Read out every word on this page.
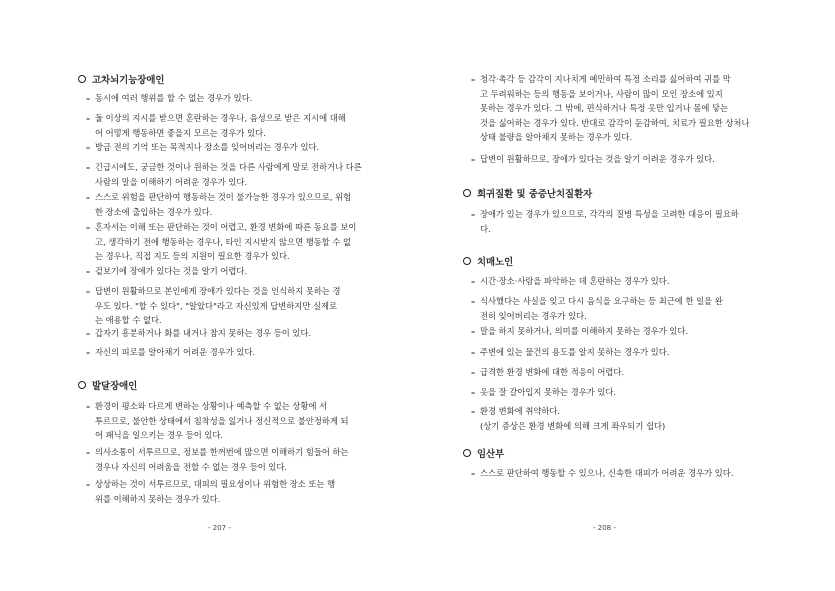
고차뇌기능장애인
– 동시에 여러 행위를 할 수 없는 경우가 있다.
– 둘 이상의 지시를 받으면 혼란하는 경우나, 음성으로 받은 지시에 대해
어 어떻게 행동하면 좋을지 모르는 경우가 있다.
– 방금 전의 기억 또는 목적지나 장소를 잊어버리는 경우가 있다.
– 긴급시에도, 궁금한 것이나 원하는 것을 다른 사람에게 말로 전하거나 다른
사람의 말을 이해하기 어려운 경우가 있다.
– 스스로 위험을 판단하여 행동하는 것이 불가능한 경우가 있으므로, 위험
한 장소에 출입하는 경우가 있다.
– 혼자서는 이해 또는 판단하는 것이 어렵고, 환경 변화에 따른 동요를 보이
고, 생각하기 전에 행동하는 경우나, 타인 지시받지 않으면 행동할 수 없
는 경우나, 직접 지도 등의 지원이 필요한 경우가 있다.
– 겉보기에 장애가 있다는 것을 알기 어렵다.
– 답변이 원활하므로 본인에게 장애가 있다는 것을 인식하지 못하는 경
우도 있다. "할 수 있다", "알았다"라고 자신있게 답변하지만 실제로
는 애용할 수 없다.
– 갑자기 흥분하거나 화를 내거나 참지 못하는 경우 등이 있다.
– 자신의 피로를 알아채기 어려운 경우가 있다.
발달장애인
– 환경이 평소와 다르게 변하는 상황이나 예측할 수 없는 상황에 서
투르므로, 불안한 상태에서 침착성을 잃거나 정신적으로 불안정하게 되
어 패닉을 일으키는 경우 등이 있다.
– 의사소통이 서투르므로, 정보를 한꺼번에 많으면 이해하기 힘들어 하는
경우나 자신의 어려움을 전할 수 없는 경우 등이 있다.
– 상상하는 것이 서투르므로, 대피의 필요성이나 위험한 장소 또는 행
위를 이해하지 못하는 경우가 있다.
- 207 -
– 청각·촉각 등 감각이 지나치게 예민하여 특정 소리를 싫어하여 귀를 막
고 두려워하는 등의 행동을 보이거나, 사람이 많이 모인 장소에 있지
못하는 경우가 있다. 그 밖에, 편식하거나 특정 옷만 입거나 몸에 닿는
것을 싫어하는 경우가 있다. 반대로 감각이 둔감하여, 치료가 필요한 상처나
상태 불량을 알아채지 못하는 경우가 있다.
– 답변이 원활하므로, 장애가 있다는 것을 알기 어려운 경우가 있다.
희귀질환 및 중증난치질환자
– 장애가 있는 경우가 있으므로, 각각의 질병 특성을 고려한 대응이 필요하
다.
치매노인
– 시간·장소·사람을 파악하는 데 혼란하는 경우가 있다.
– 식사했다는 사실을 잊고 다시 음식을 요구하는 등 최근에 한 일을 완
전히 잊어버리는 경우가 있다.
– 말을 하지 못하거나, 의미를 이해하지 못하는 경우가 있다.
– 주변에 있는 물건의 용도를 알지 못하는 경우가 있다.
– 급격한 환경 변화에 대한 적응이 어렵다.
– 옷을 잘 갈아입지 못하는 경우가 있다.
– 환경 변화에 취약하다.
(상기 증상은 환경 변화에 의해 크게 좌우되기 쉽다)
임산부
– 스스로 판단하여 행동할 수 있으나, 신속한 대피가 어려운 경우가 있다.
- 208 -
